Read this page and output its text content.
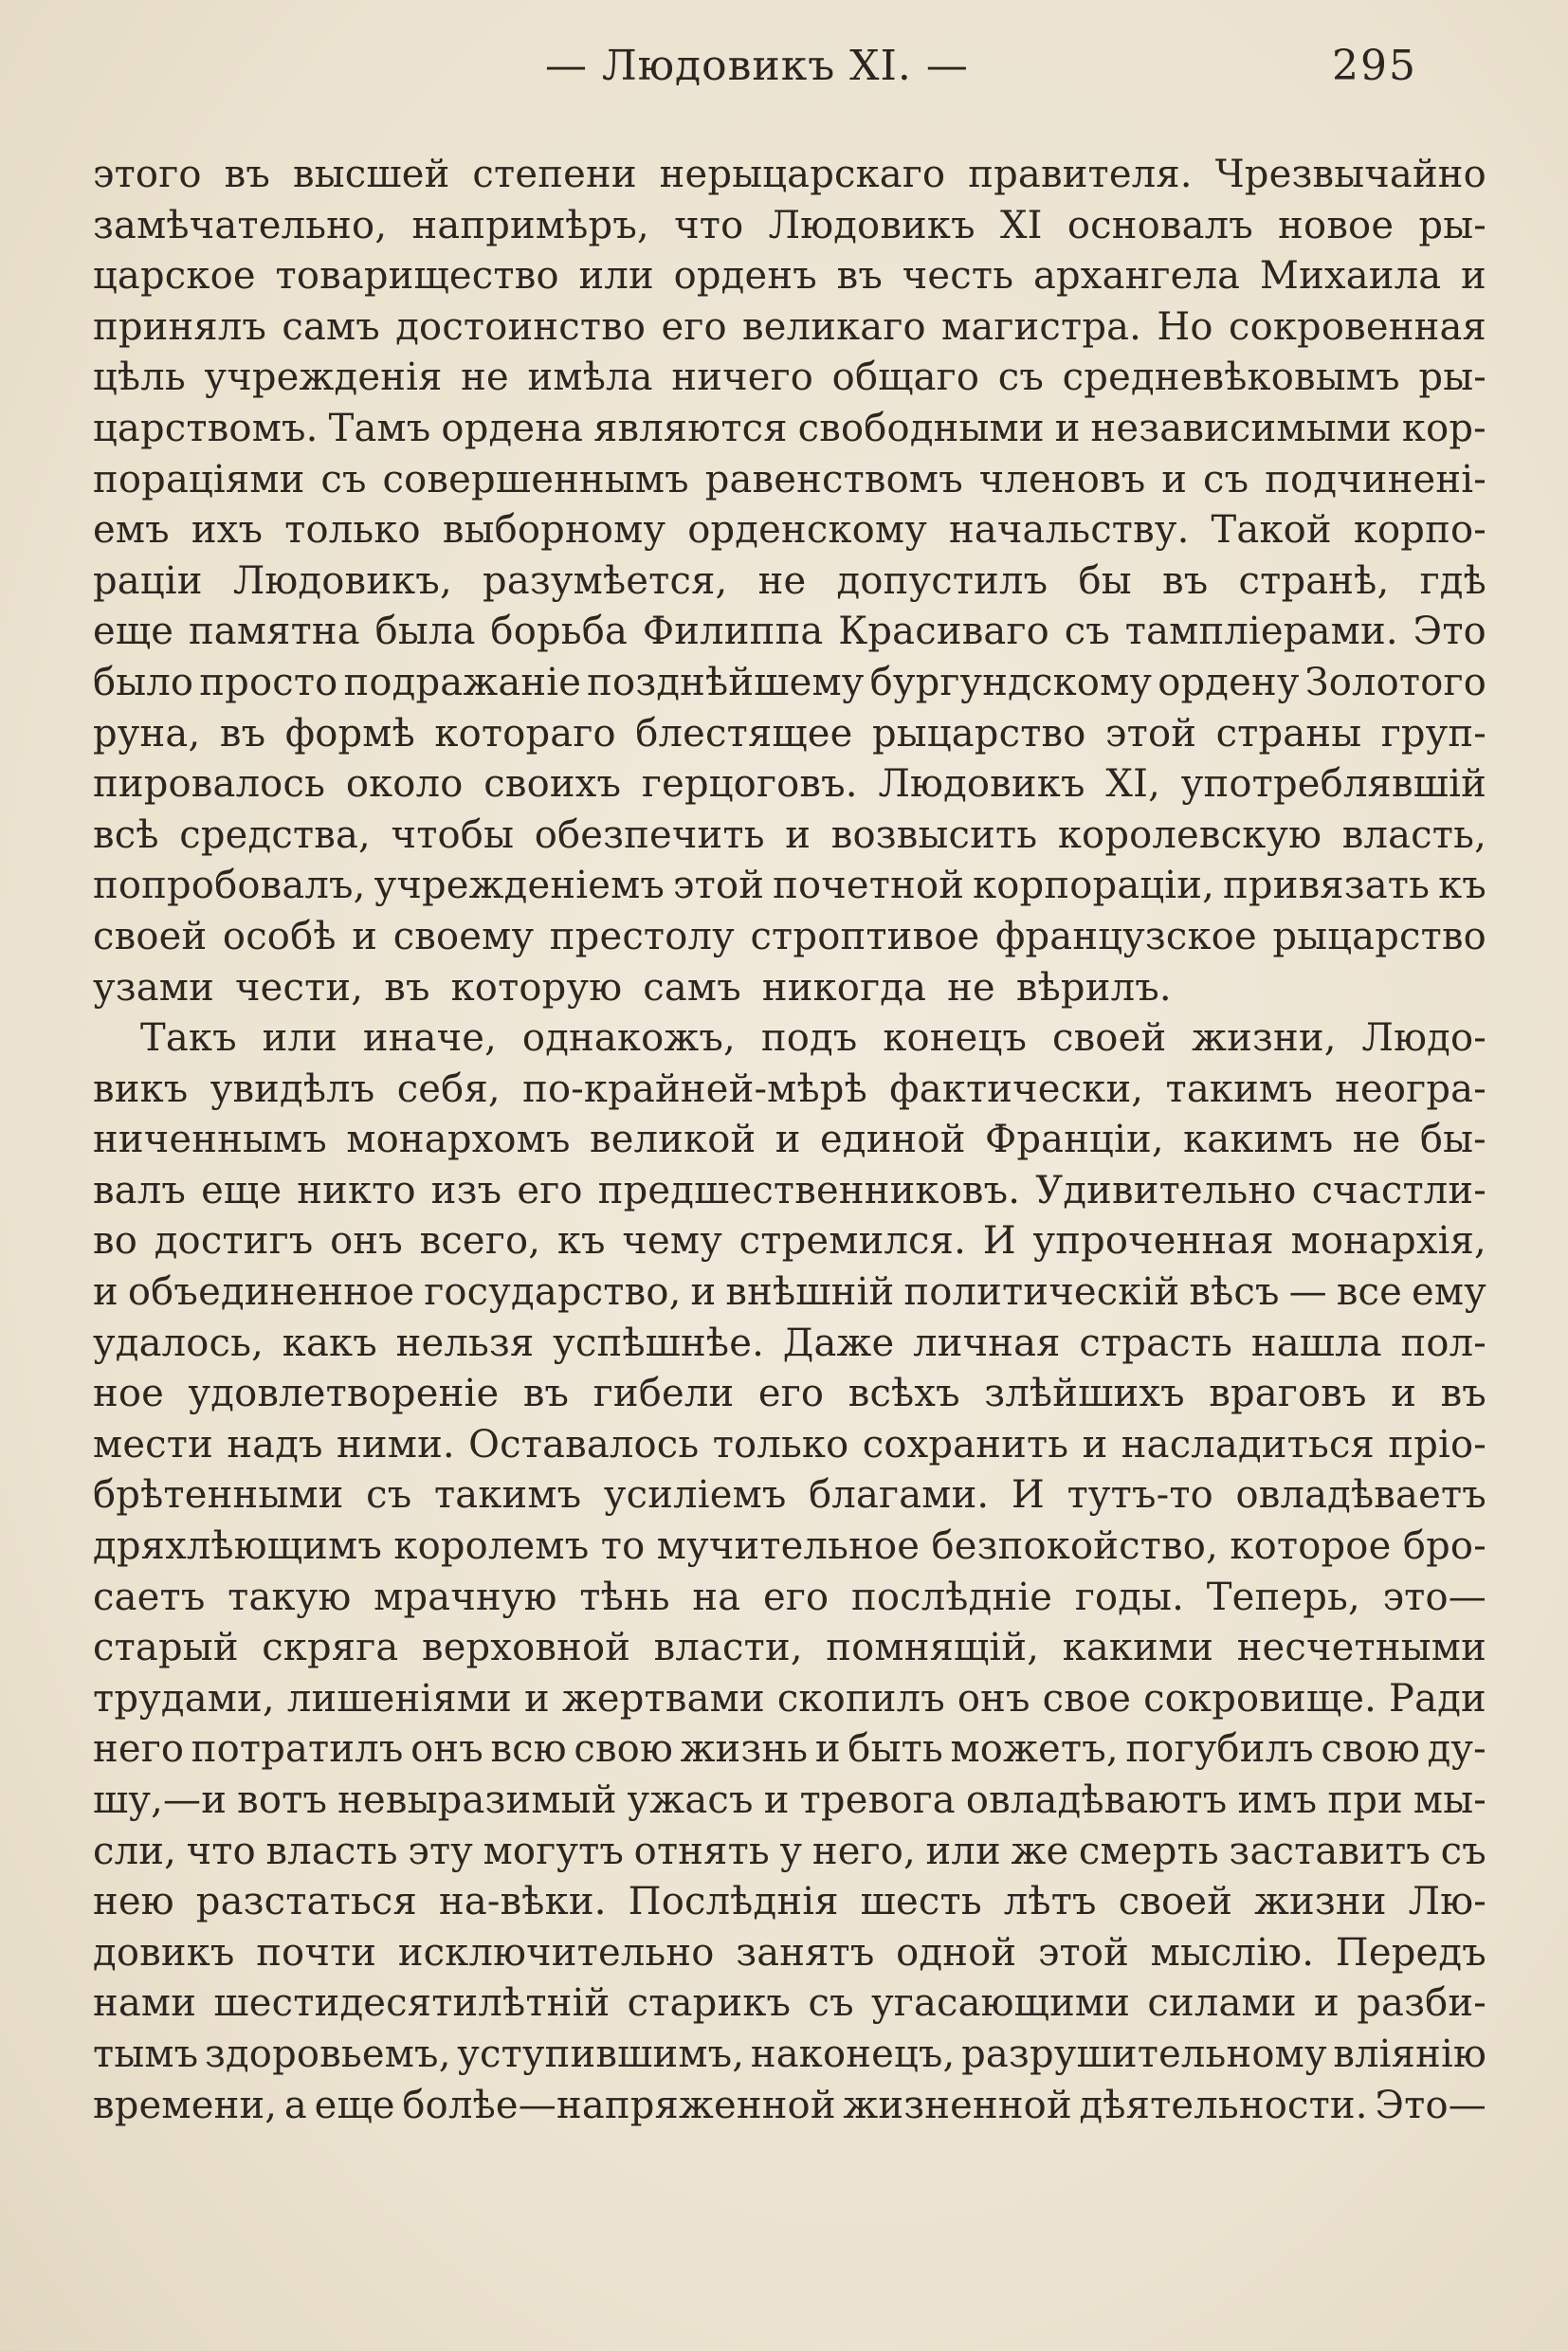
— Людовикъ XI. —	295
этого въ высшей степени нерыцарскаго правителя. Чрезвычайно
замѣчательно, напримѣръ, что Людовикъ XI основалъ новое ры-
царское товарищество или орденъ въ честь архангела Михаила и
принялъ самъ достоинство его великаго магистра. Но сокровенная
цѣль учрежденія не имѣла ничего общаго съ средневѣковымъ ры-
царствомъ. Тамъ ордена являются свободными и независимыми кор-
пораціями съ совершеннымъ равенствомъ членовъ и съ подчиненi-
емъ ихъ только выборному орденскому начальству. Такой корпо-
раціи Людовикъ, разумѣется, не допустилъ бы въ странѣ, гдѣ
еще памятна была борьба Филиппа Красиваго съ тампліерами. Это
было просто подражаніе позднѣйшему бургундскому ордену Золотого
руна, въ формѣ котораго блестящее рыцарство этой страны груп-
пировалось около своихъ герцоговъ. Людовикъ XI, употреблявшій
всѣ средства, чтобы обезпечить и возвысить королевскую власть,
попробовалъ, учрежденіемъ этой почетной корпораціи, привязать къ
своей особѣ и своему престолу строптивое французское рыцарство
узами чести, въ которую самъ никогда не вѣрилъ.
Такъ или иначе, однакожъ, подъ конецъ своей жизни, Людо-
викъ увидѣлъ себя, по-крайней-мѣрѣ фактически, такимъ неогра-
ниченнымъ монархомъ великой и единой Франціи, какимъ не бы-
валъ еще никто изъ его предшественниковъ. Удивительно счастли-
во достигъ онъ всего, къ чему стремился. И упроченная монархія,
и объединенное государство, и внѣшній политическій вѣсъ — все ему
удалось, какъ нельзя успѣшнѣе. Даже личная страсть нашла пол-
ное удовлетвореніе въ гибели его всѣхъ злѣйшихъ враговъ и въ
мести надъ ними. Оставалось только сохранить и насладиться пріо-
брѣтенными съ такимъ усиліемъ благами. И тутъ-то овладѣваетъ
дряхлѣющимъ королемъ то мучительное безпокойство, которое бро-
саетъ такую мрачную тѣнь на его послѣдніе годы. Теперь, это—
старый скряга верховной власти, помнящій, какими несчетными
трудами, лишеніями и жертвами скопилъ онъ свое сокровище. Ради
него потратилъ онъ всю свою жизнь и быть можетъ, погубилъ свою ду-
шу,—и вотъ невыразимый ужасъ и тревога овладѣваютъ имъ при мы-
сли, что власть эту могутъ отнять у него, или же смерть заставитъ съ
нею разстаться на-вѣки. Послѣднія шесть лѣтъ своей жизни Лю-
довикъ почти исключительно занятъ одной этой мыслію. Передъ
нами шестидесятилѣтній старикъ съ угасающими силами и разби-
тымъ здоровьемъ, уступившимъ, наконецъ, разрушительному вліянію
времени, а еще болѣе—напряженной жизненной дѣятельности. Это—
